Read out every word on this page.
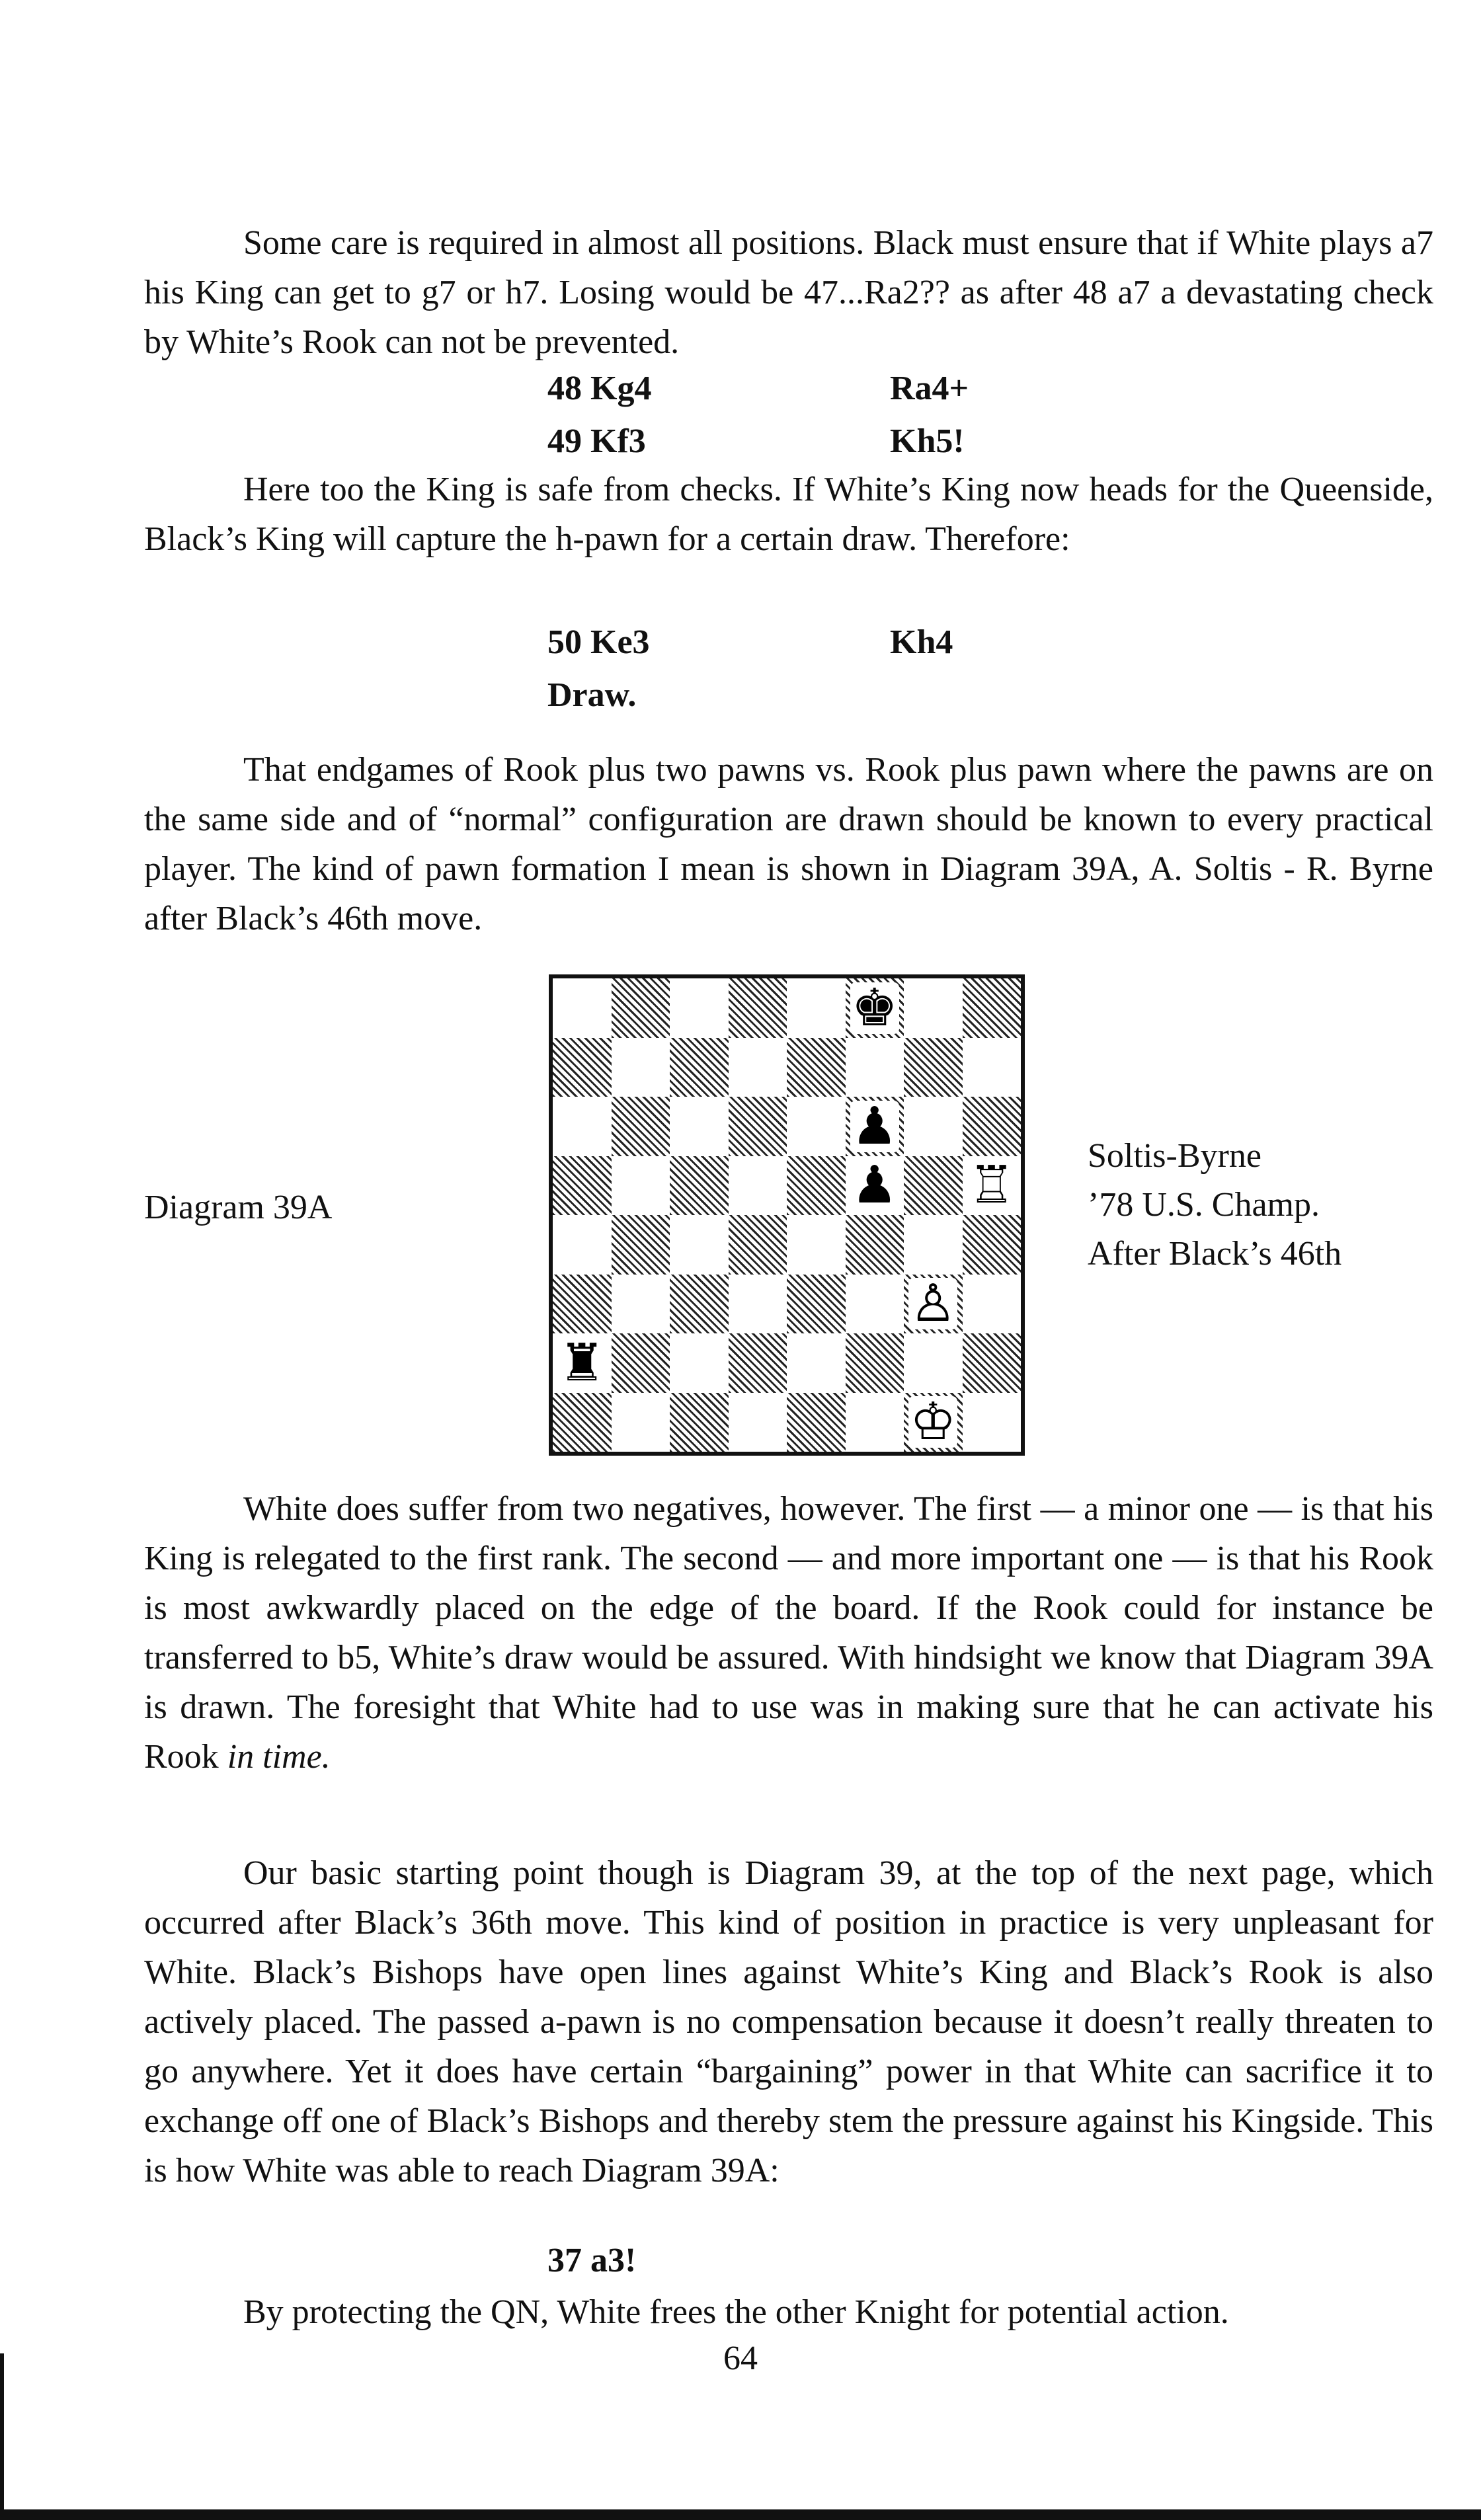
Some care is required in almost all positions. Black must ensure that if White plays a7 his King can get to g7 or h7. Losing would be 47...Ra2?? as after 48 a7 a devastating check by White’s Rook can not be prevented.

48 Kg4	Ra4+
49 Kf3	Kh5!

Here too the King is safe from checks. If White’s King now heads for the Queenside, Black’s King will capture the h-pawn for a certain draw. Therefore:

50 Ke3	Kh4
Draw.

That endgames of Rook plus two pawns vs. Rook plus pawn where the pawns are on the same side and of “normal” configuration are drawn should be known to every practical player. The kind of pawn formation I mean is shown in Diagram 39A, A. Soltis - R. Byrne after Black’s 46th move.

Diagram 39A
♚
♟
♟ ♖
♙
♜
♔
Soltis-Byrne
’78 U.S. Champ.
After Black’s 46th

White does suffer from two negatives, however. The first — a minor one — is that his King is relegated to the first rank. The second — and more important one — is that his Rook is most awkwardly placed on the edge of the board. If the Rook could for instance be transferred to b5, White’s draw would be assured. With hindsight we know that Diagram 39A is drawn. The foresight that White had to use was in making sure that he can activate his Rook in time.

Our basic starting point though is Diagram 39, at the top of the next page, which occurred after Black’s 36th move. This kind of position in practice is very unpleasant for White. Black’s Bishops have open lines against White’s King and Black’s Rook is also actively placed. The passed a-pawn is no compensation because it doesn’t really threaten to go anywhere. Yet it does have certain “bargaining” power in that White can sacrifice it to exchange off one of Black’s Bishops and thereby stem the pressure against his Kingside. This is how White was able to reach Diagram 39A:

37 a3!

By protecting the QN, White frees the other Knight for potential action.

64
